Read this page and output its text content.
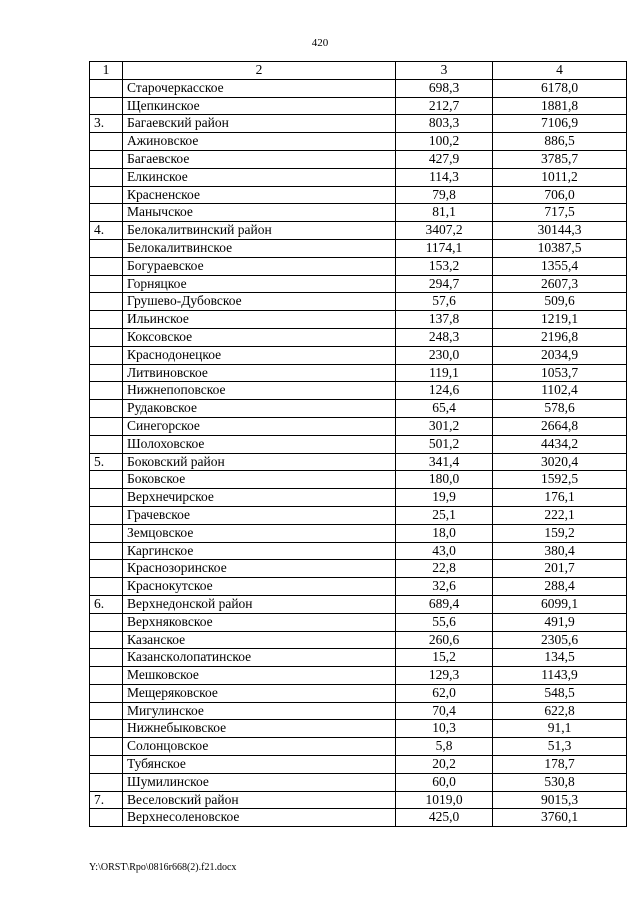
420
1	2	3	4
	Старочеркасское	698,3	6178,0
	Щепкинское	212,7	1881,8
3.	Багаевский район	803,3	7106,9
	Ажиновское	100,2	886,5
	Багаевское	427,9	3785,7
	Елкинское	114,3	1011,2
	Красненское	79,8	706,0
	Манычское	81,1	717,5
4.	Белокалитвинский район	3407,2	30144,3
	Белокалитвинское	1174,1	10387,5
	Богураевское	153,2	1355,4
	Горняцкое	294,7	2607,3
	Грушево-Дубовское	57,6	509,6
	Ильинское	137,8	1219,1
	Коксовское	248,3	2196,8
	Краснодонецкое	230,0	2034,9
	Литвиновское	119,1	1053,7
	Нижнепоповское	124,6	1102,4
	Рудаковское	65,4	578,6
	Синегорское	301,2	2664,8
	Шолоховское	501,2	4434,2
5.	Боковский район	341,4	3020,4
	Боковское	180,0	1592,5
	Верхнечирское	19,9	176,1
	Грачевское	25,1	222,1
	Земцовское	18,0	159,2
	Каргинское	43,0	380,4
	Краснозоринское	22,8	201,7
	Краснокутское	32,6	288,4
6.	Верхнедонской район	689,4	6099,1
	Верхняковское	55,6	491,9
	Казанское	260,6	2305,6
	Казанскoлопатинское	15,2	134,5
	Мешковское	129,3	1143,9
	Мещеряковское	62,0	548,5
	Мигулинское	70,4	622,8
	Нижнебыковское	10,3	91,1
	Солонцовское	5,8	51,3
	Тубянское	20,2	178,7
	Шумилинское	60,0	530,8
7.	Веселовский район	1019,0	9015,3
	Верхнесоленовское	425,0	3760,1
Y:\ORST\Rpo\0816r668(2).f21.docx
